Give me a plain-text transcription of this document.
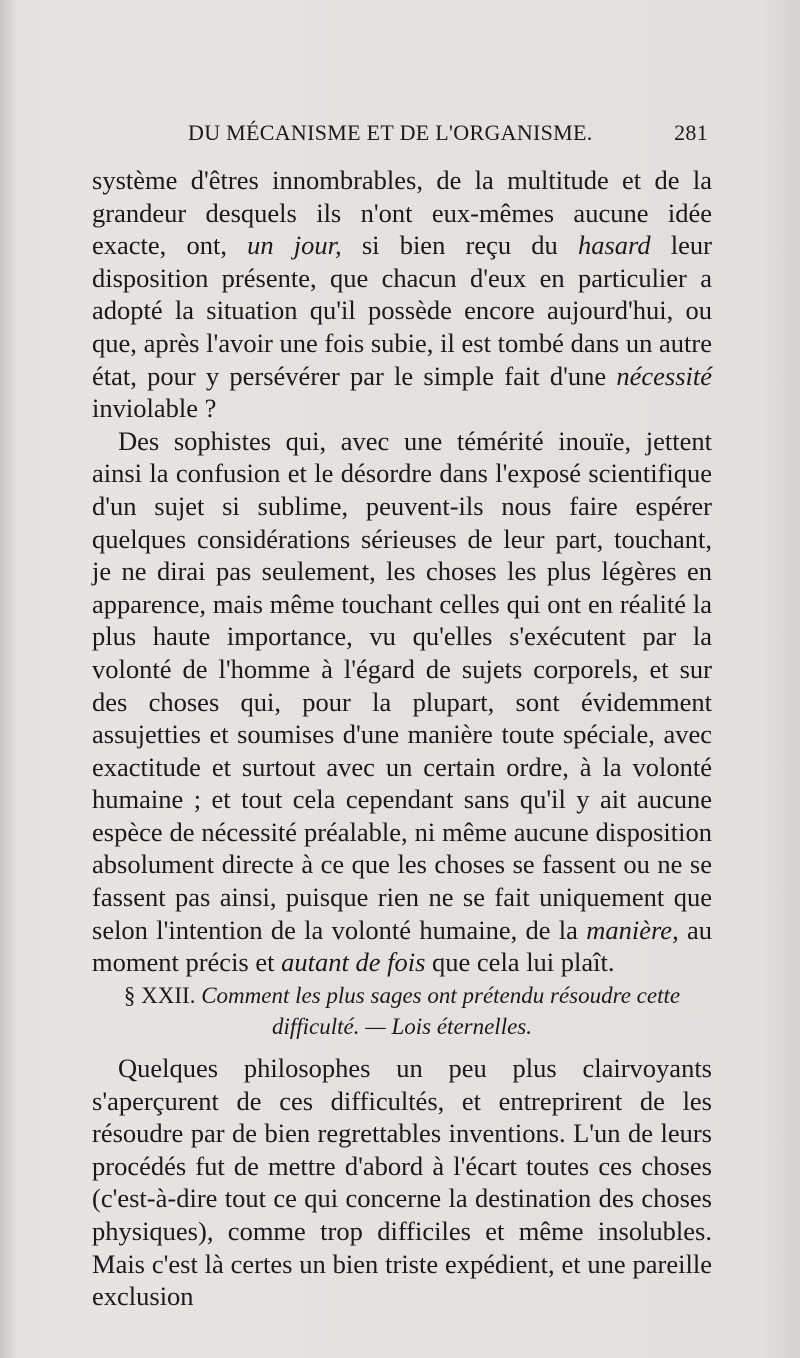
DU MÉCANISME ET DE L'ORGANISME.	281

système d'êtres innombrables, de la multitude et de la grandeur desquels ils n'ont eux-mêmes aucune idée exacte, ont, un jour, si bien reçu du hasard leur disposition présente, que chacun d'eux en particulier a adopté la situation qu'il possède encore aujourd'hui, ou que, après l'avoir une fois subie, il est tombé dans un autre état, pour y persévérer par le simple fait d'une nécessité inviolable ?

Des sophistes qui, avec une témérité inouïe, jettent ainsi la confusion et le désordre dans l'exposé scientifique d'un sujet si sublime, peuvent-ils nous faire espérer quelques considérations sérieuses de leur part, touchant, je ne dirai pas seulement, les choses les plus légères en apparence, mais même touchant celles qui ont en réalité la plus haute importance, vu qu'elles s'exécutent par la volonté de l'homme à l'égard de sujets corporels, et sur des choses qui, pour la plupart, sont évidemment assujetties et soumises d'une manière toute spéciale, avec exactitude et surtout avec un certain ordre, à la volonté humaine ; et tout cela cependant sans qu'il y ait aucune espèce de nécessité préalable, ni même aucune disposition absolument directe à ce que les choses se fassent ou ne se fassent pas ainsi, puisque rien ne se fait uniquement que selon l'intention de la volonté humaine, de la manière, au moment précis et autant de fois que cela lui plaît.

§ XXII. Comment les plus sages ont prétendu résoudre cette
difficulté. — Lois éternelles.

Quelques philosophes un peu plus clairvoyants s'aperçurent de ces difficultés, et entreprirent de les résoudre par de bien regrettables inventions. L'un de leurs procédés fut de mettre d'abord à l'écart toutes ces choses (c'est-à-dire tout ce qui concerne la destination des choses physiques), comme trop difficiles et même insolubles. Mais c'est là certes un bien triste expédient, et une pareille exclusion
